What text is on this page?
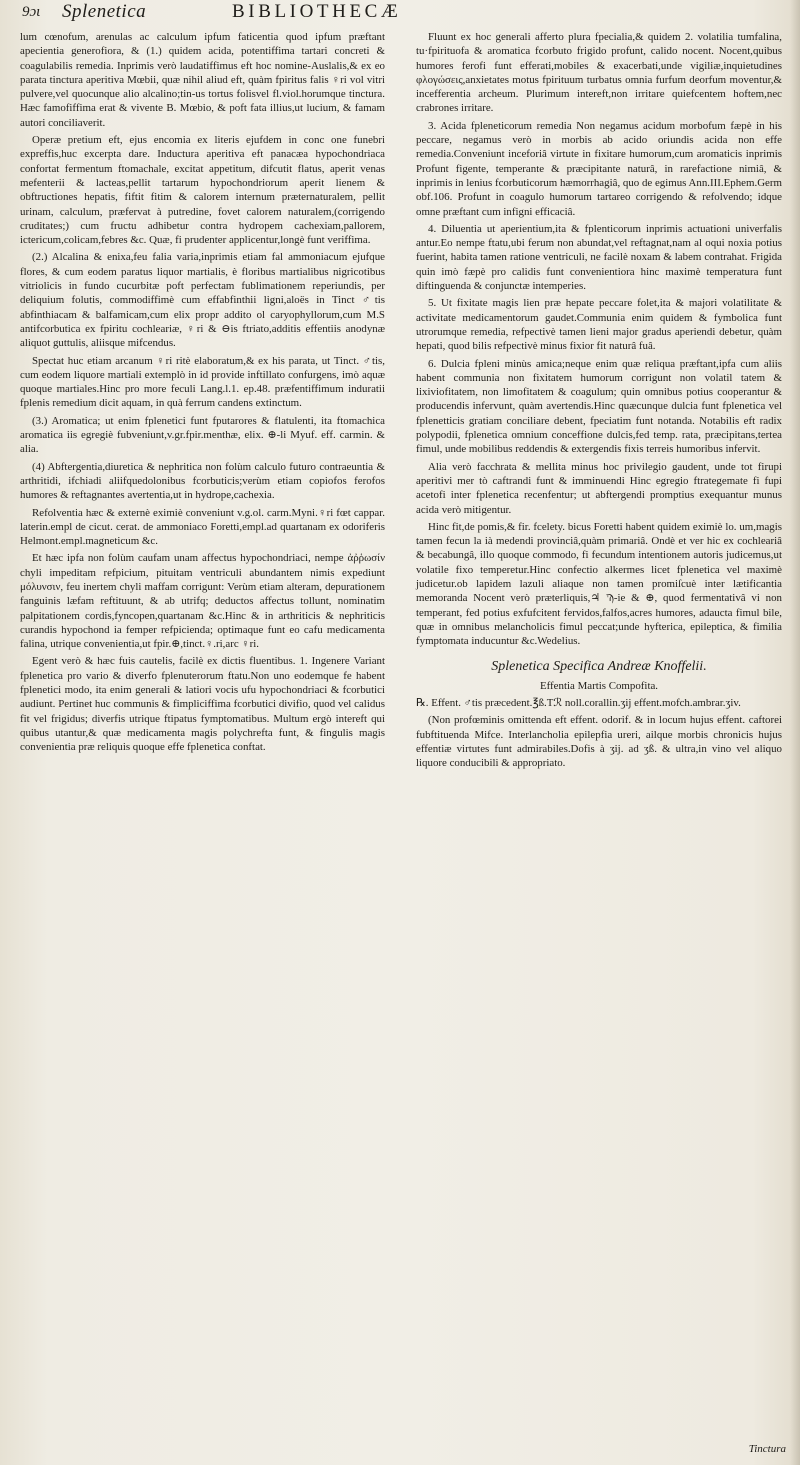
9ɔɩ Splenetica	BIBLIOTHECÆ

lum cœnofum, arenulas ac calculum ipfum faticentia quod ipfum præftant apecientia generofiora, & (1.) quidem acida, potentiffima tartari concreti & coagulabilis remedia. Inprimis verò laudatiffimus eft hoc nomine-Auslalis,& ex eo parata tinctura aperitiva Mœbii, quæ nihil aliud eft, quàm fpiritus falis ♀ri vol vitri pulvere,vel quocunque alio alcalino;tin-us tortus folisvel fl.viol.horumque tinctura. Hæc famofiffima erat & vivente B. Mœbio, & poft fata illius,ut lucium, & famam autori conciliaverit.

Operæ pretium eft, ejus encomia ex literis ejufdem in conc one funebri expreffis,huc excerpta dare. Inductura aperitiva eft panacæa hypochondriaca confortat fermentum ftomachale, excitat appetitum, difcutit flatus, aperit venas mefenterii & lacteas,pellit tartarum hypochondriorum aperit lienem & obftructiones hepatis, fiftit fitim & calorem internum præternaturalem, pellit urinam, calculum, præfervat à putredine, fovet calorem naturalem,(corrigendo cruditates;) cum fructu adhibetur contra hydropem cachexiam,pallorem, ictericum,colicam,febres &c. Quæ, fi prudenter applicentur,longè funt veriffima.

(2.) Alcalina & enixa,feu falia varia,inprimis etiam fal ammoniacum ejufque flores, & cum eodem paratus liquor martialis, è floribus martialibus nigricotibus vitriolicis in fundo cucurbitæ poft perfectam fublimationem reperiundis, per deliquium folutis, commodiffimè cum effabfinthii ligni,aloës in Tinct ♂tis abfinthiacam & balfamicam,cum elix propr addito ol caryophyllorum,cum M.S antifcorbutica ex fpiritu cochleariæ, ♀ri & ⊖is ftriato,additis effentiis anodynæ aliquot guttulis, aliisque mifcendus.

Spectat huc etiam arcanum ♀ri ritè elaboratum,& ex his parata, ut Tinct. ♂tis, cum eodem liquore martiali extemplò in id provide inftillato confurgens, imò aquæ quoque martiales.Hinc pro more feculi Lang.l.1. ep.48. præfentiffimum induratii fplenis remedium dicit aquam, in quà ferrum candens extinctum.

(3.) Aromatica; ut enim fplenetici funt fputarores & flatulenti, ita ftomachica aromatica iis egregiè fubveniunt,v.gr.fpir.menthæ, elix. ⊕-li Myuf. eff. carmin. & alia.

(4) Abftergentia,diuretica & nephritica non folùm calculo futuro contraeuntia & arthritidi, ifchiadi aliifquedolonibus fcorbuticis;verùm etiam copiofos ferofos humores & reftagnantes avertentia,ut in hydrope,cachexia.

Refolventia hæc & externè eximiè conveniunt v.g.ol. carm.Myni.♀ri fœt cappar. laterin.empl de cicut. cerat. de ammoniaco Foretti,empl.ad quartanam ex odoriferis Helmont.empl.magneticum &c.

Et hæc ipfa non folùm caufam unam affectus hypochondriaci, nempe ἀῤῥωσίν chyli impeditam refpicium, pituitam ventriculi abundantem nimis expediunt μόλυνσιν, feu inertem chyli maffam corrigunt: Verùm etiam alteram, depurationem fanguinis læfam reftituunt, & ab utrifq; deductos affectus tollunt, nominatim palpitationem cordis,fyncopen,quartanam &c.Hinc & in arthriticis & nephriticis curandis hypochond ia femper refpicienda; optimaque funt eo cafu medicamenta falina, utrique convenientia,ut fpir.⊕,tinct.♀.ri,arc ♀ri.

Egent verò & hæc fuis cautelis, facilè ex dictis fluentibus. 1. Ingenere Variant fplenetica pro vario & diverfo fplenuterorum ftatu.Non uno eodemque fe habent fplenetici modo, ita enim generali & latiori vocis ufu hypochondriaci & fcorbutici audiunt. Pertinet huc communis & fimpliciffima fcorbutici divifio, quod vel calidus fit vel frigidus; diverfis utrique ftipatus fymptomatibus. Multum ergò intereft qui quibus utantur,& quæ medicamenta magis polychrefta funt, & fingulis magis convenientia præ reliquis quoque effe fplenetica conftat.

Fluunt ex hoc generali afferto plura fpecialia,& quidem 2. volatilia tumfalina, tu·fpirituofa & aromatica fcorbuto frigido profunt, calido nocent. Nocent,quibus humores ferofi funt efferati,mobiles & exacerbati,unde vigiliæ,inquietudines φλογώσεις,anxietates motus fpirituum turbatus omnia furfum deorfum moventur,& incefferentia archeum. Plurimum intereft,non irritare quiefcentem hoftem,nec crabrones irritare.

3. Acida fpleneticorum remedia Non negamus acidum morbofum fæpè in his peccare, negamus verò in morbis ab acido oriundis acida non effe remedia.Conveniunt inceforiâ virtute in fixitare humorum,cum aromaticis inprimis Profunt figente, temperante & præcipitante naturâ, in rarefactione nimiâ, & inprimis in lenius fcorbuticorum hæmorrhagiâ, quo de egimus Ann.III.Ephem.Germ obf.106. Profunt in coagulo humorum tartareo corrigendo & refolvendo; idque omne præftant cum infigni efficaciâ.

4. Diluentia ut aperientium,ita & fplenticorum inprimis actuationi univerfalis antur.Eo nempe ftatu,ubi ferum non abundat,vel reftagnat,nam al oqui noxia potius fuerint, habita tamen ratione ventriculi, ne facilè noxam & labem contrahat. Frigida quin imò fæpè pro calidis funt convenientiora hinc maximè temperatura funt diftinguenda & conjunctæ intemperies.

5. Ut fixitate magis lien præ hepate peccare folet,ita & majori volatilitate & activitate medicamentorum gaudet.Communia enim quidem & fymbolica funt utrorumque remedia, refpectivè tamen lieni major gradus aperiendi debetur, quàm hepati, quod bilis refpectivè minus fixior fit naturâ fuâ.

6. Dulcia fpleni minùs amica;neque enim quæ reliqua præftant,ipfa cum aliis habent communia non fixitatem humorum corrigunt non volatil tatem & lixiviofitatem, non limofitatem & coagulum; quin omnibus potius cooperantur & producendis infervunt, quàm avertendis.Hinc quæcunque dulcia funt fplenetica vel fplenetticis gratiam conciliare debent, fpeciatim funt notanda. Notabilis eft radix polypodii, fplenetica omnium conceffione dulcis,fed temp. rata, præcipitans,tertea fimul, unde mobilibus reddendis & extergendis fixis terreis humoribus infervit.

Alia verò facchrata & mellita minus hoc privilegio gaudent, unde tot firupi aperitivi mer tò caftrandi funt & imminuendi Hinc egregio ftrategemate fi fupi acetofi inter fplenetica recenfentur; ut abftergendi promptius exequantur munus acida verò mitigentur.

Hinc fit,de pomis,& fir. fcelety. bicus Foretti habent quidem eximiè lo. um,magis tamen fecun la ià medendi provinciâ,quàm primariâ. Ondè et ver hic ex cochleariâ & becabungâ, illo quoque commodo, fi fecundum intentionem autoris judicemus,ut volatile fixo temperetur.Hinc confectio alkermes licet fplenetica vel maximè judicetur.ob lapidem lazuli aliaque non tamen promiſcuè inter lætificantia memoranda Nocent verò præterliquis,♃ Ϡ-ie & ⊕, quod fermentativâ vi non temperant, fed potius exfufcitent fervidos,falfos,acres humores, adaucta fimul bile, quæ in omnibus melancholicis fimul peccat;unde hyfterica, epileptica, & fimilia fymptomata inducuntur &c.Wedelius.

Splenetica Specifica Andreæ Knoffelii.

Effentia Martis Compofita.

℞. Effent. ♂tis præcedent.℥ß.Tℛ noll.corallin.ʒij effent.mofch.ambrar.ʒiv.

(Non profœminis omittenda eft effent. odorif. & in locum hujus effent. caftorei fubftituenda Mifce. Interlancholia epilepfia ureri, ailque morbis chronicis hujus effentiæ virtutes funt admirabiles.Dofis à ʒij. ad ʒß. & ultra,in vino vel aliquo liquore conducibili & appropriato.

Tinctura
